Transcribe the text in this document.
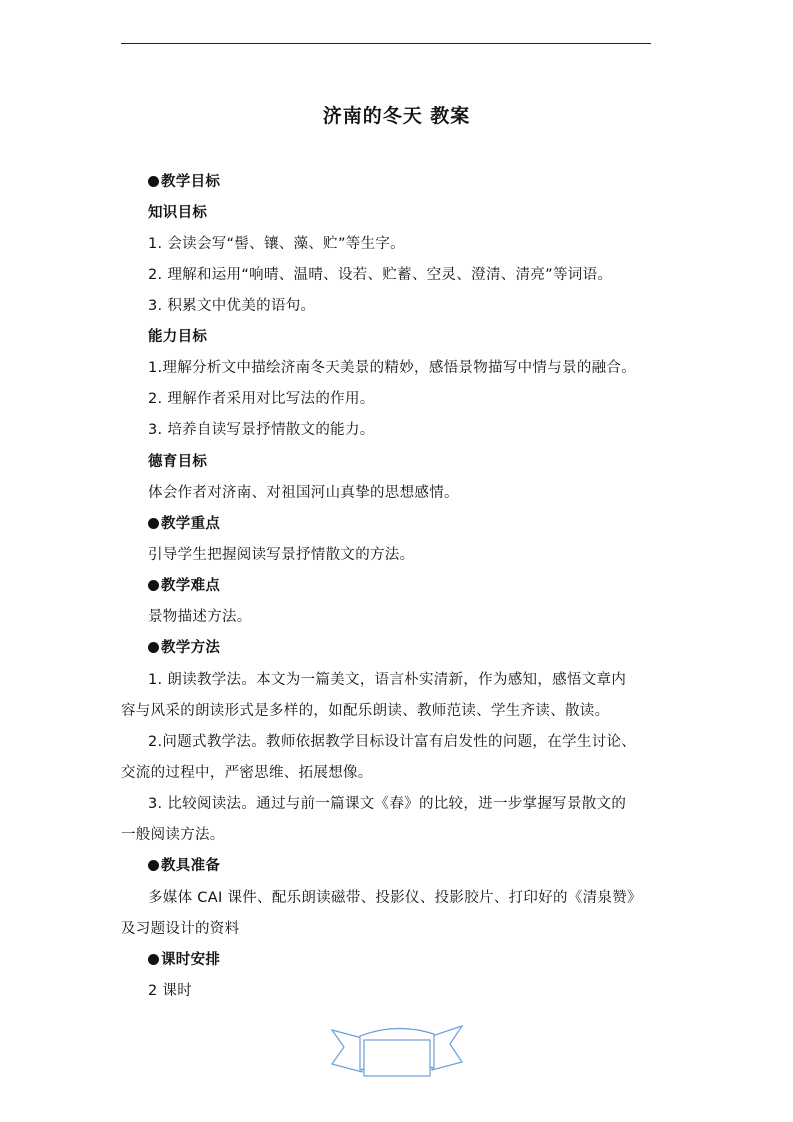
济南的冬天 教案
教学目标
知识目标
1. 会读会写“髻、镶、藻、贮”等生字。
2. 理解和运用“响晴、温晴、设若、贮蓄、空灵、澄清、清亮”等词语。
3. 积累文中优美的语句。
能力目标
1.理解分析文中描绘济南冬天美景的精妙，感悟景物描写中情与景的融合。
2. 理解作者采用对比写法的作用。
3. 培养自读写景抒情散文的能力。
德育目标
体会作者对济南、对祖国河山真挚的思想感情。
教学重点
引导学生把握阅读写景抒情散文的方法。
教学难点
景物描述方法。
教学方法
1. 朗读教学法。本文为一篇美文，语言朴实清新，作为感知，感悟文章内
容与风采的朗读形式是多样的，如配乐朗读、教师范读、学生齐读、散读。
2.问题式教学法。教师依据教学目标设计富有启发性的问题，在学生讨论、
交流的过程中，严密思维、拓展想像。
3. 比较阅读法。通过与前一篇课文《春》的比较，进一步掌握写景散文的
一般阅读方法。
教具准备
多媒体 CAI 课件、配乐朗读磁带、投影仪、投影胶片、打印好的《清泉赞》
及习题设计的资料
课时安排
2 课时
